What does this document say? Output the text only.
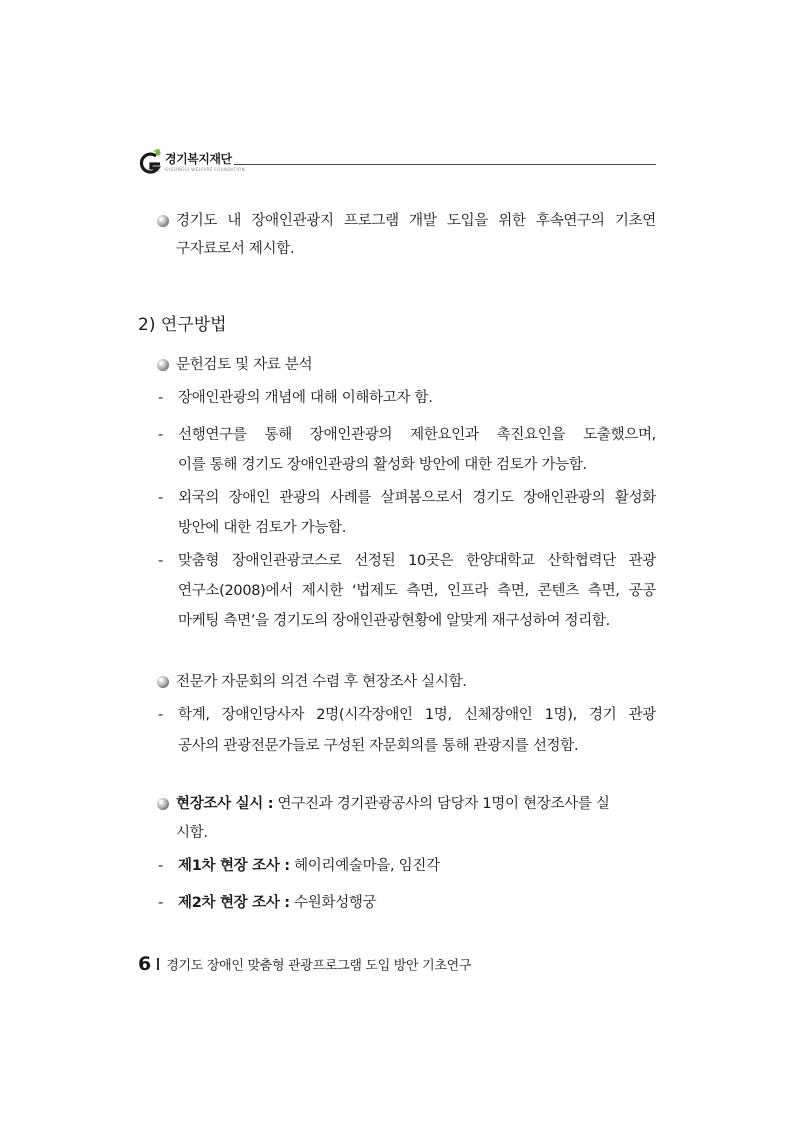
경기복지재단
GYEONGGI WELFARE FOUNDATION
경기도 내 장애인관광지 프로그램 개발 도입을 위한 후속연구의 기초연
구자료로서 제시함.
2) 연구방법
문헌검토 및 자료 분석
- 장애인관광의 개념에 대해 이해하고자 함.
- 선행연구를 통해 장애인관광의 제한요인과 촉진요인을 도출했으며,
이를 통해 경기도 장애인관광의 활성화 방안에 대한 검토가 가능함.
- 외국의 장애인 관광의 사례를 살펴봄으로서 경기도 장애인관광의 활성화
방안에 대한 검토가 가능함.
- 맞춤형 장애인관광코스로 선정된 10곳은 한양대학교 산학협력단 관광
연구소(2008)에서 제시한 ‘법제도 측면, 인프라 측면, 콘텐츠 측면, 공공
마케팅 측면’을 경기도의 장애인관광현황에 알맞게 재구성하여 정리함.
전문가 자문회의 의견 수렴 후 현장조사 실시함.
- 학계, 장애인당사자 2명(시각장애인 1명, 신체장애인 1명), 경기 관광
공사의 관광전문가들로 구성된 자문회의를 통해 관광지를 선정함.
현장조사 실시 : 연구진과 경기관광공사의 담당자 1명이 현장조사를 실
시함.
- 제1차 현장 조사 : 헤이리예술마을, 임진각
- 제2차 현장 조사 : 수원화성행궁
6 경기도 장애인 맞춤형 관광프로그램 도입 방안 기초연구
